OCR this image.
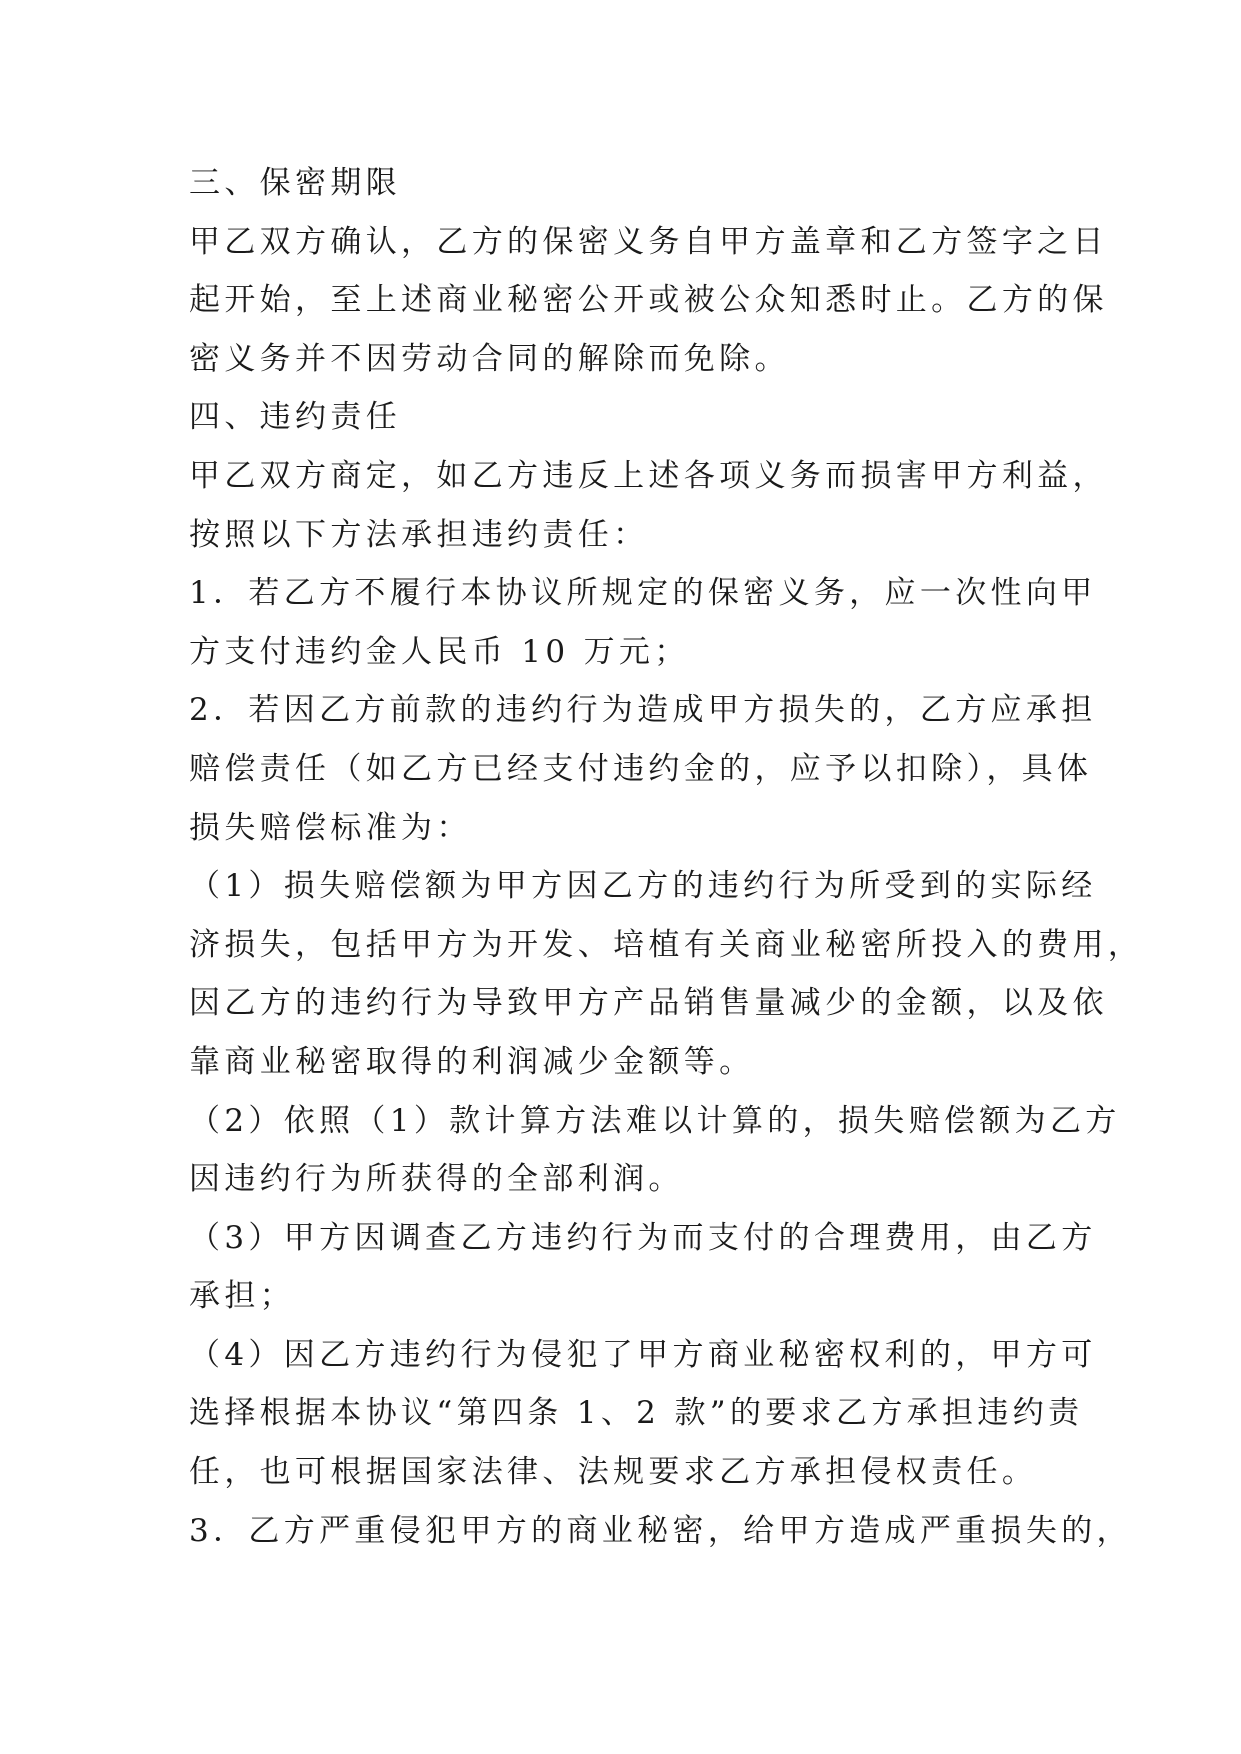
三、保密期限

甲乙双方确认，乙方的保密义务自甲方盖章和乙方签字之日

起开始，至上述商业秘密公开或被公众知悉时止。乙方的保

密义务并不因劳动合同的解除而免除。

四、违约责任

甲乙双方商定，如乙方违反上述各项义务而损害甲方利益，

按照以下方法承担违约责任：

1．若乙方不履行本协议所规定的保密义务，应一次性向甲

方支付违约金人民币 10 万元；

2．若因乙方前款的违约行为造成甲方损失的，乙方应承担

赔偿责任（如乙方已经支付违约金的，应予以扣除），具体

损失赔偿标准为：

（1）损失赔偿额为甲方因乙方的违约行为所受到的实际经

济损失，包括甲方为开发、培植有关商业秘密所投入的费用，

因乙方的违约行为导致甲方产品销售量减少的金额，以及依

靠商业秘密取得的利润减少金额等。

（2）依照（1）款计算方法难以计算的，损失赔偿额为乙方

因违约行为所获得的全部利润。

（3）甲方因调查乙方违约行为而支付的合理费用，由乙方

承担；

（4）因乙方违约行为侵犯了甲方商业秘密权利的，甲方可

选择根据本协议“第四条 1、2 款”的要求乙方承担违约责

任，也可根据国家法律、法规要求乙方承担侵权责任。

3．乙方严重侵犯甲方的商业秘密，给甲方造成严重损失的，
